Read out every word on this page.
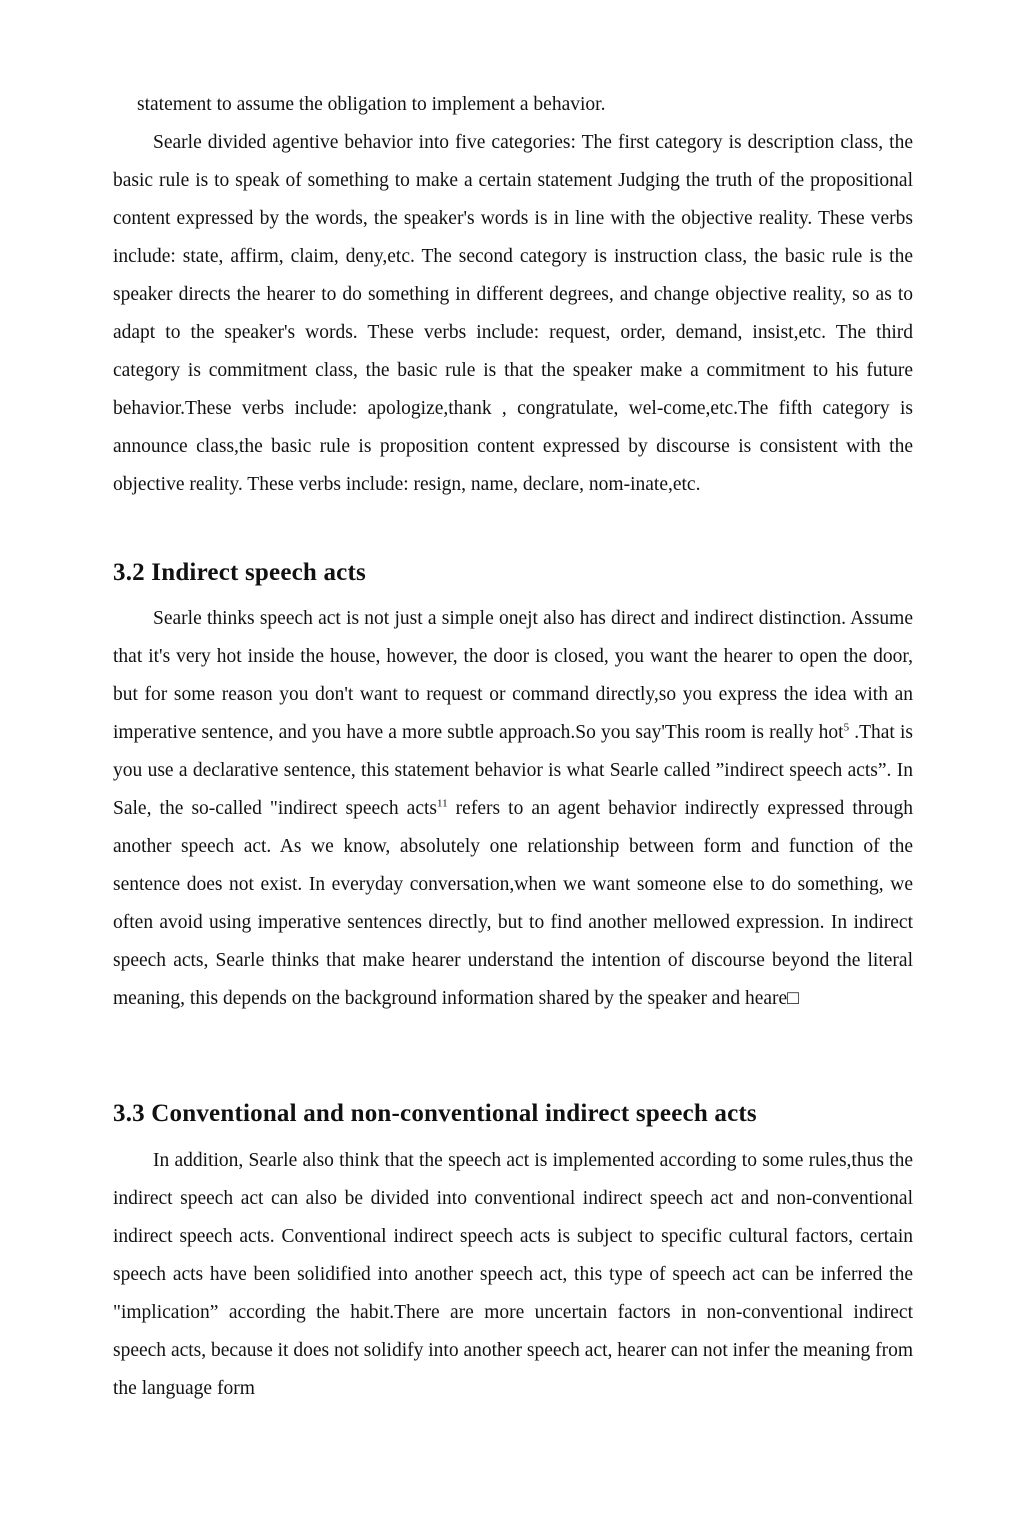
statement to assume the obligation to implement a behavior.

Searle divided agentive behavior into five categories: The first category is description class, the basic rule is to speak of something to make a certain statement Judging the truth of the propositional content expressed by the words, the speaker's words is in line with the objective reality. These verbs include: state, affirm, claim, deny,etc. The second category is instruction class, the basic rule is the speaker directs the hearer to do something in different degrees, and change objective reality, so as to adapt to the speaker's words. These verbs include: request, order, demand, insist,etc. The third category is commitment class, the basic rule is that the speaker make a commitment to his future behavior.These verbs include: apologize,thank , congratulate, wel-come,etc.The fifth category is announce class,the basic rule is proposition content expressed by discourse is consistent with the objective reality. These verbs include: resign, name, declare, nom-inate,etc.

3.2 Indirect speech acts

Searle thinks speech act is not just a simple onejt also has direct and indirect distinction. Assume that it's very hot inside the house, however, the door is closed, you want the hearer to open the door, but for some reason you don't want to request or command directly,so you express the idea with an imperative sentence, and you have a more subtle approach.So you say'This room is really hot$^5$ .That is you use a declarative sentence, this statement behavior is what Searle called ”indirect speech acts”. In Sale, the so-called "indirect speech acts$^{11}$ refers to an agent behavior indirectly expressed through another speech act. As we know, absolutely one relationship between form and function of the sentence does not exist. In everyday conversation,when we want someone else to do something, we often avoid using imperative sentences directly, but to find another mellowed expression. In indirect speech acts, Searle thinks that make hearer understand the intention of discourse beyond the literal meaning, this depends on the background information shared by the speaker and heare□

3.3 Conventional and non-conventional indirect speech acts

In addition, Searle also think that the speech act is implemented according to some rules,thus the indirect speech act can also be divided into conventional indirect speech act and non-conventional indirect speech acts. Conventional indirect speech acts is subject to specific cultural factors, certain speech acts have been solidified into another speech act, this type of speech act can be inferred the "implication” according the habit.There are more uncertain factors in non-conventional indirect speech acts, because it does not solidify into another speech act, hearer can not infer the meaning from the language form
